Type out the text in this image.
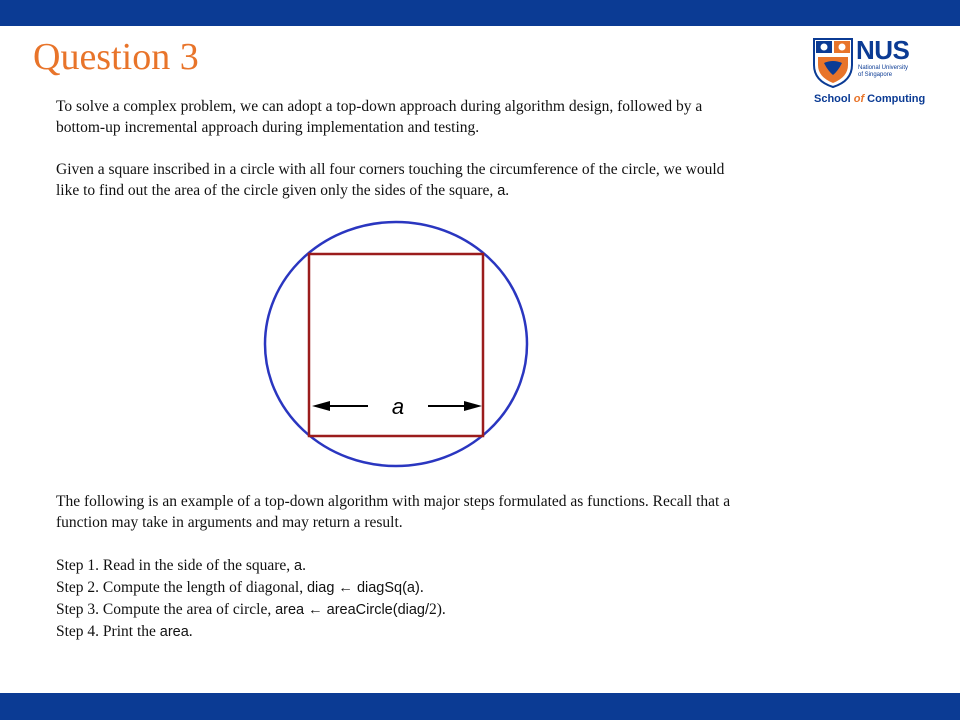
Question 3	NUS
National University
of Singapore
School of Computing

To solve a complex problem, we can adopt a top-down approach during algorithm design, followed by a bottom-up incremental approach during implementation and testing.

Given a square inscribed in a circle with all four corners touching the circumference of the circle, we would like to find out the area of the circle given only the sides of the square, a.

a

The following is an example of a top-down algorithm with major steps formulated as functions. Recall that a function may take in arguments and may return a result.

Step 1. Read in the side of the square, a.
Step 2. Compute the length of diagonal, diag ← diagSq(a).
Step 3. Compute the area of circle, area ← areaCircle(diag/2).
Step 4. Print the area.
